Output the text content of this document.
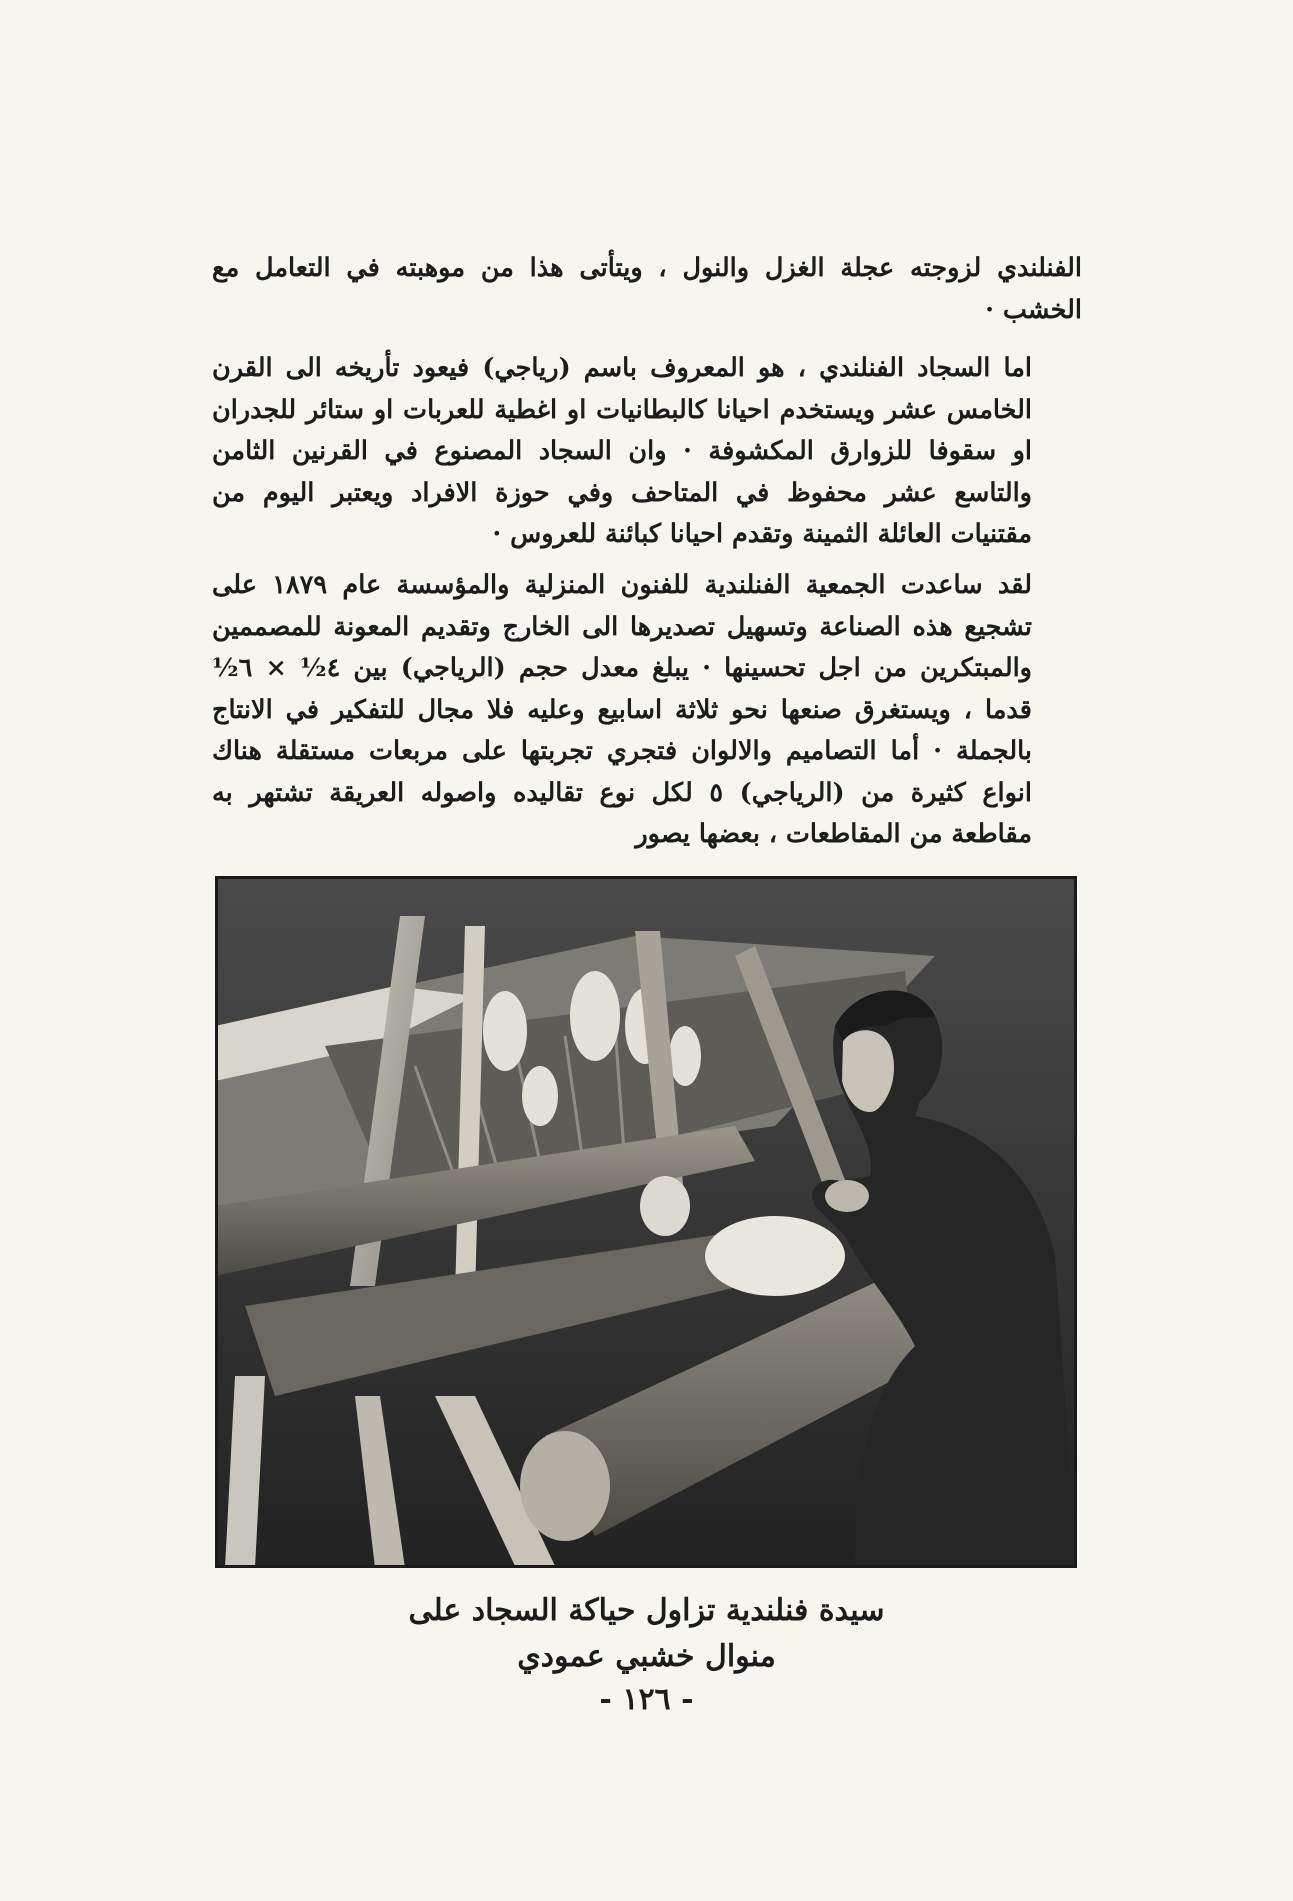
الفنلندي لزوجته عجلة الغزل والنول ، ويتأتى هذا من موهبته في التعامل مع الخشب ·

اما السجاد الفنلندي ، هو المعروف باسم (رياجي) فيعود تأريخه الى القرن الخامس عشر ويستخدم احيانا كالبطانيات او اغطية للعربات او ستائر للجدران او سقوفا للزوارق المكشوفة · وان السجاد المصنوع في القرنين الثامن والتاسع عشر محفوظ في المتاحف وفي حوزة الافراد ويعتبر اليوم من مقتنيات العائلة الثمينة وتقدم احيانا كبائنة للعروس ·

لقد ساعدت الجمعية الفنلندية للفنون المنزلية والمؤسسة عام ١٨٧٩ على تشجيع هذه الصناعة وتسهيل تصديرها الى الخارج وتقديم المعونة للمصممين والمبتكرين من اجل تحسينها · يبلغ معدل حجم (الرياجي) بين ٤½ × ٦½ قدما ، ويستغرق صنعها نحو ثلاثة اسابيع وعليه فلا مجال للتفكير في الانتاج بالجملة · أما التصاميم والالوان فتجري تجربتها على مربعات مستقلة هناك انواع كثيرة من (الرياجي) ٥ لكل نوع تقاليده واصوله العريقة تشتهر به مقاطعة من المقاطعات ، بعضها يصور

سيدة فنلندية تزاول حياكة السجاد على
منوال خشبي عمودي
- ١٢٦ -
